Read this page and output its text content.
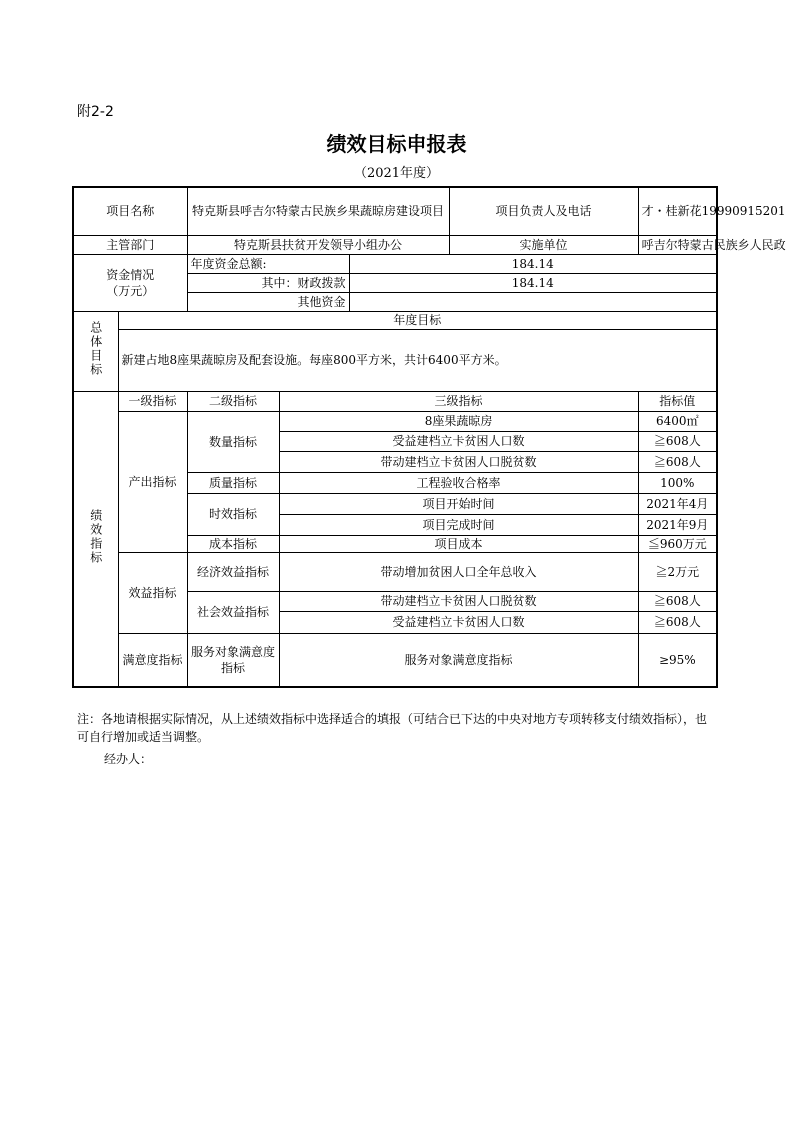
附2-2
绩效目标申报表
（2021年度）
项目名称		特克斯县呼吉尔特蒙古民族乡果蔬晾房建设项目			项目负责人及电话	才・桂新花19990915201
主管部门		特克斯县扶贫开发领导小组办公			实施单位	呼吉尔特蒙古民族乡人民政

资金情况
（万元）		年度资金总额:		184.14		
		其中：财政拨款		184.14		
		其他资金				
总体目标	年度目标					
	新建占地8座果蔬晾房及配套设施。每座800平方米，共计6400平方米。					
绩效指标	一级指标	二级指标	三级指标			指标值
	产出指标	数量指标	8座果蔬晾房			6400㎡
			受益建档立卡贫困人口数			≧608人
			带动建档立卡贫困人口脱贫数			≧608人
		质量指标	工程验收合格率			100%
		时效指标	项目开始时间			2021年4月
			项目完成时间			2021年9月
		成本指标	项目成本			≦960万元
	效益指标	经济效益指标	带动增加贫困人口全年总收入			≧2万元
		社会效益指标	带动建档立卡贫困人口脱贫数			≧608人
			受益建档立卡贫困人口数			≧608人
	满意度指标	服务对象满意度指标	服务对象满意度指标			≥95%
注：各地请根据实际情况，从上述绩效指标中选择适合的填报（可结合已下达的中央对地方专项转移支付绩效指标），也可自行增加或适当调整。
经办人：
